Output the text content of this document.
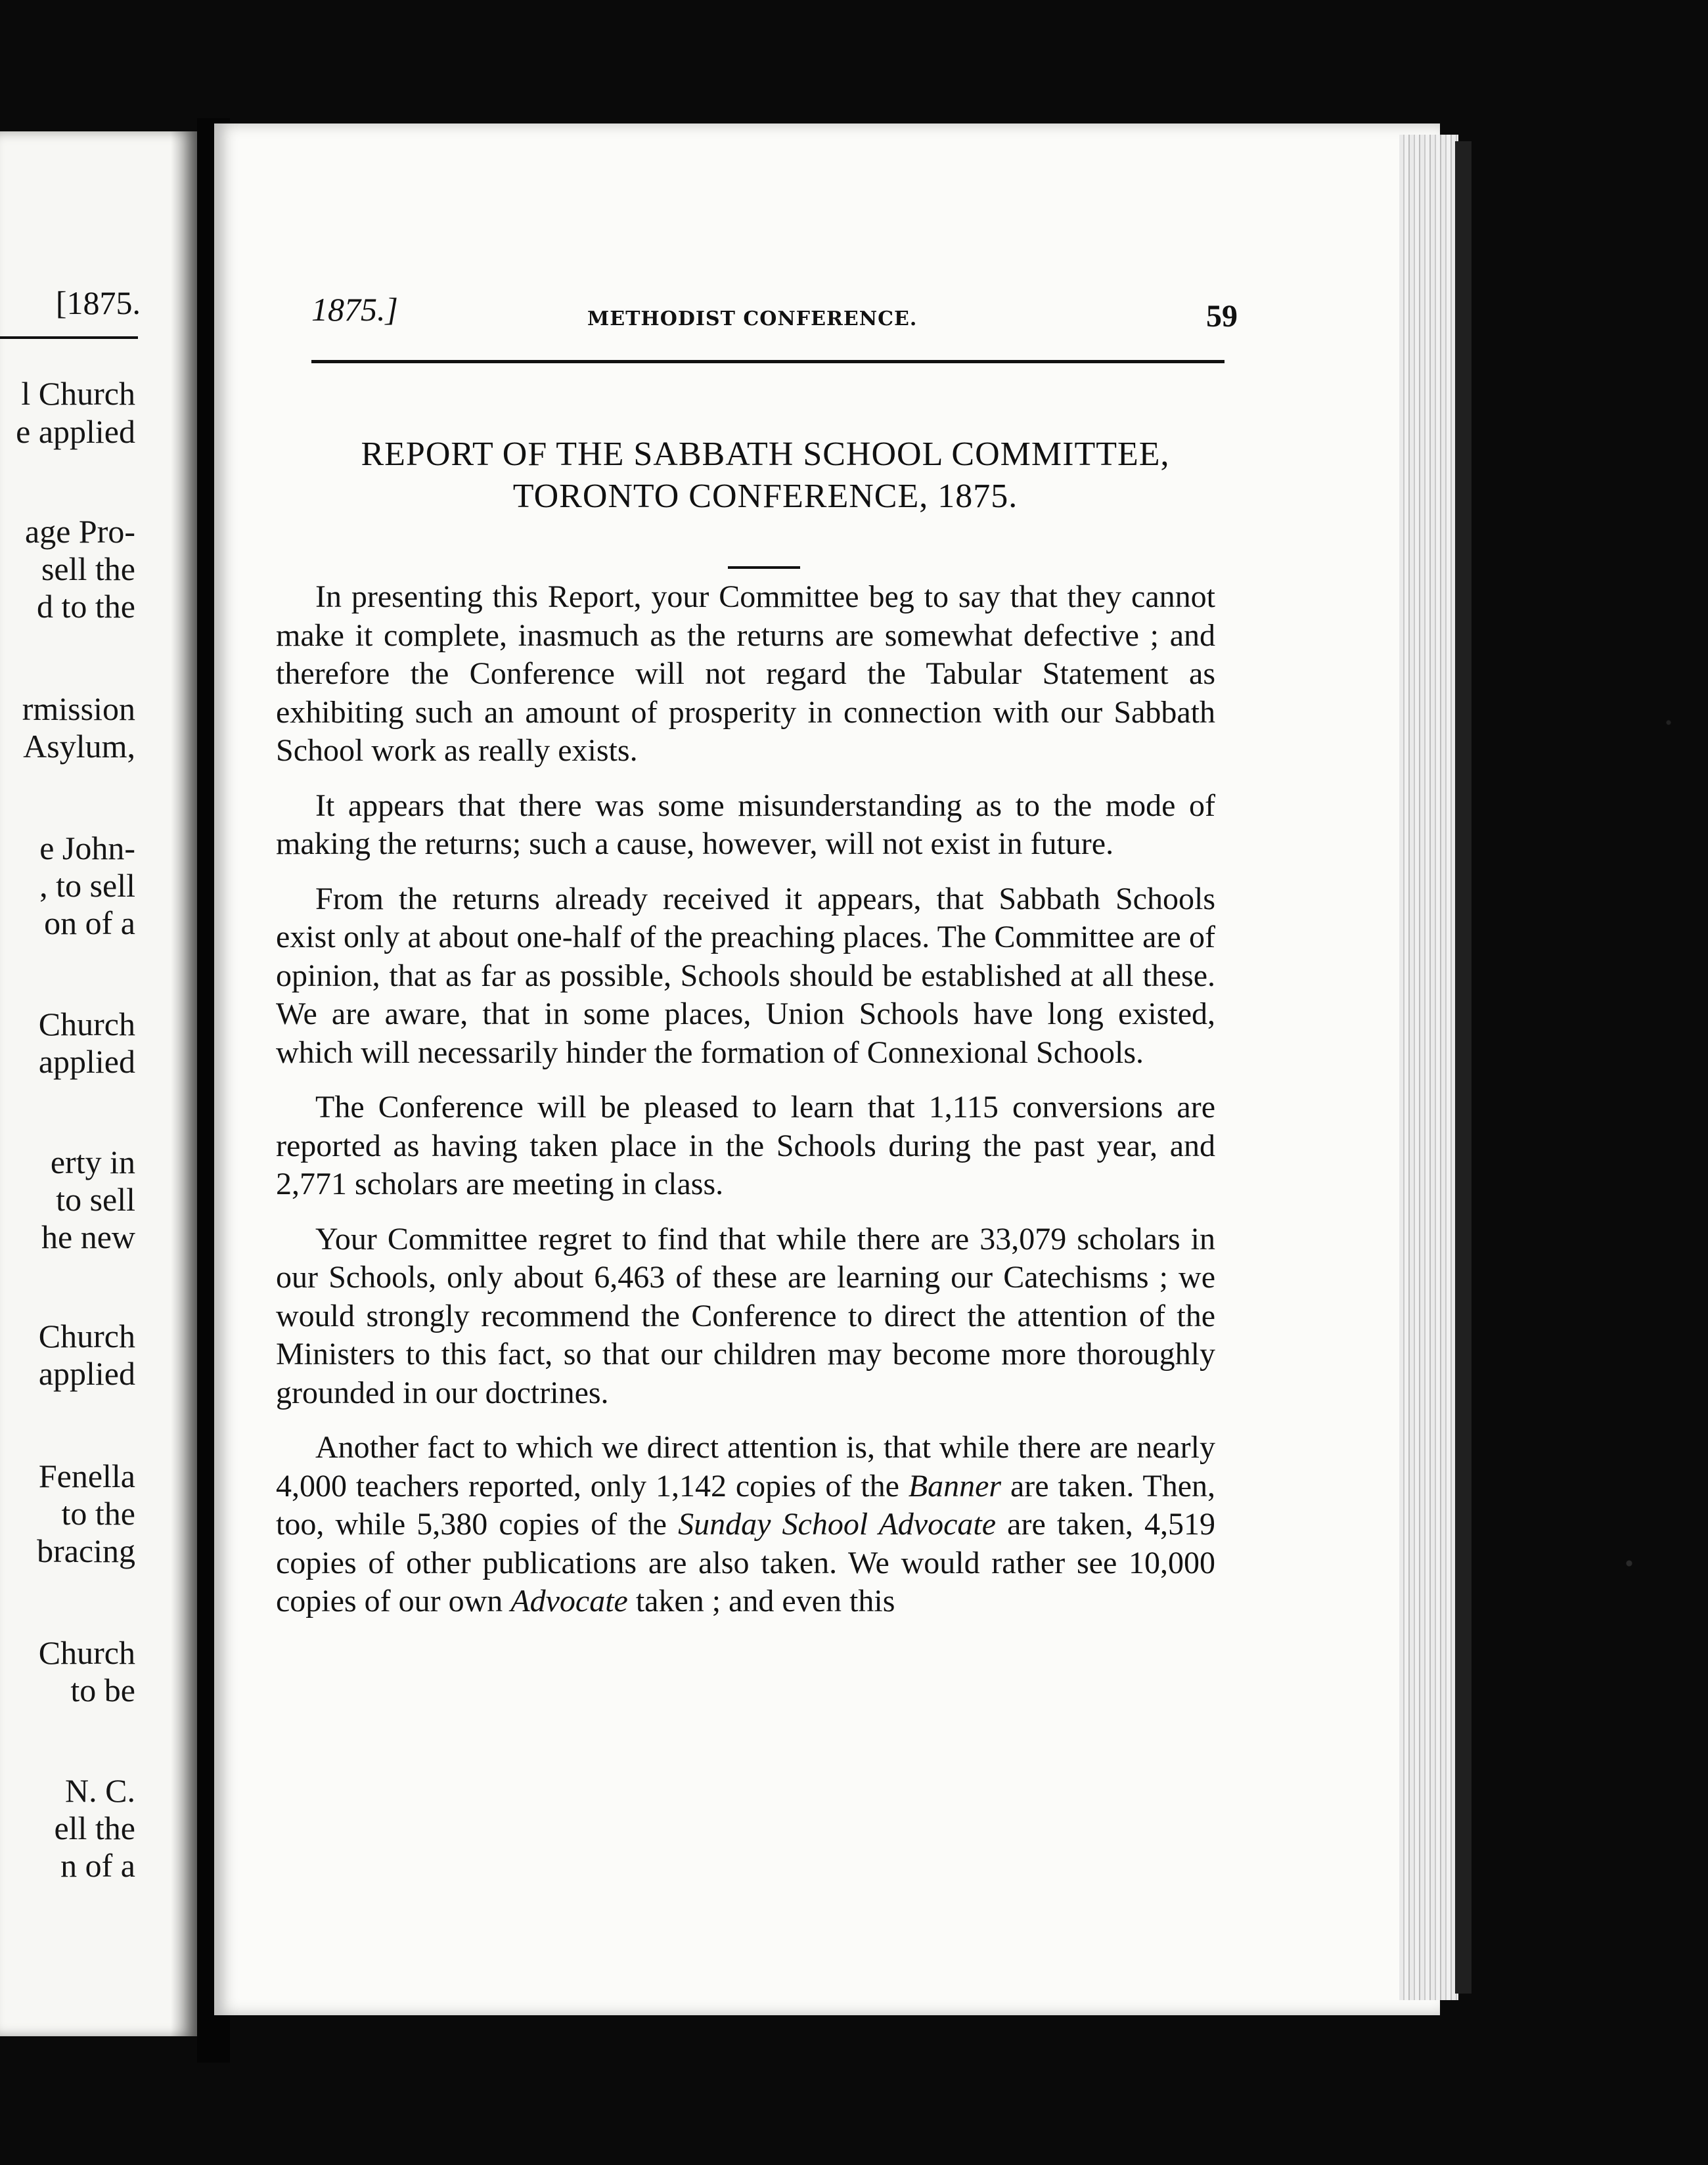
[1875.
l Church
e applied
age Pro-
sell the
d to the
rmission
Asylum,
e John-
, to sell
on of a
Church
applied
erty in
to sell
he new
Church
applied
Fenella
to the
bracing
Church
to be
N. C.
ell the
n of a
1875.]	METHODIST CONFERENCE.	59
REPORT OF THE SABBATH SCHOOL COMMITTEE,
TORONTO CONFERENCE, 1875.

In presenting this Report, your Committee beg to say that they cannot make it complete, inasmuch as the returns are somewhat defective ; and therefore the Conference will not regard the Tabular Statement as exhibiting such an amount of prosperity in connection with our Sabbath School work as really exists.

It appears that there was some misunderstanding as to the mode of making the returns; such a cause, however, will not exist in future.

From the returns already received it appears, that Sabbath Schools exist only at about one-half of the preaching places. The Committee are of opinion, that as far as possible, Schools should be established at all these. We are aware, that in some places, Union Schools have long existed, which will necessarily hinder the formation of Connexional Schools.

The Conference will be pleased to learn that 1,115 conversions are reported as having taken place in the Schools during the past year, and 2,771 scholars are meeting in class.

Your Committee regret to find that while there are 33,079 scholars in our Schools, only about 6,463 of these are learning our Catechisms ; we would strongly recommend the Conference to direct the attention of the Ministers to this fact, so that our children may become more thoroughly grounded in our doctrines.

Another fact to which we direct attention is, that while there are nearly 4,000 teachers reported, only 1,142 copies of the Banner are taken. Then, too, while 5,380 copies of the Sunday School Advocate are taken, 4,519 copies of other publications are also taken. We would rather see 10,000 copies of our own Advocate taken ; and even this
